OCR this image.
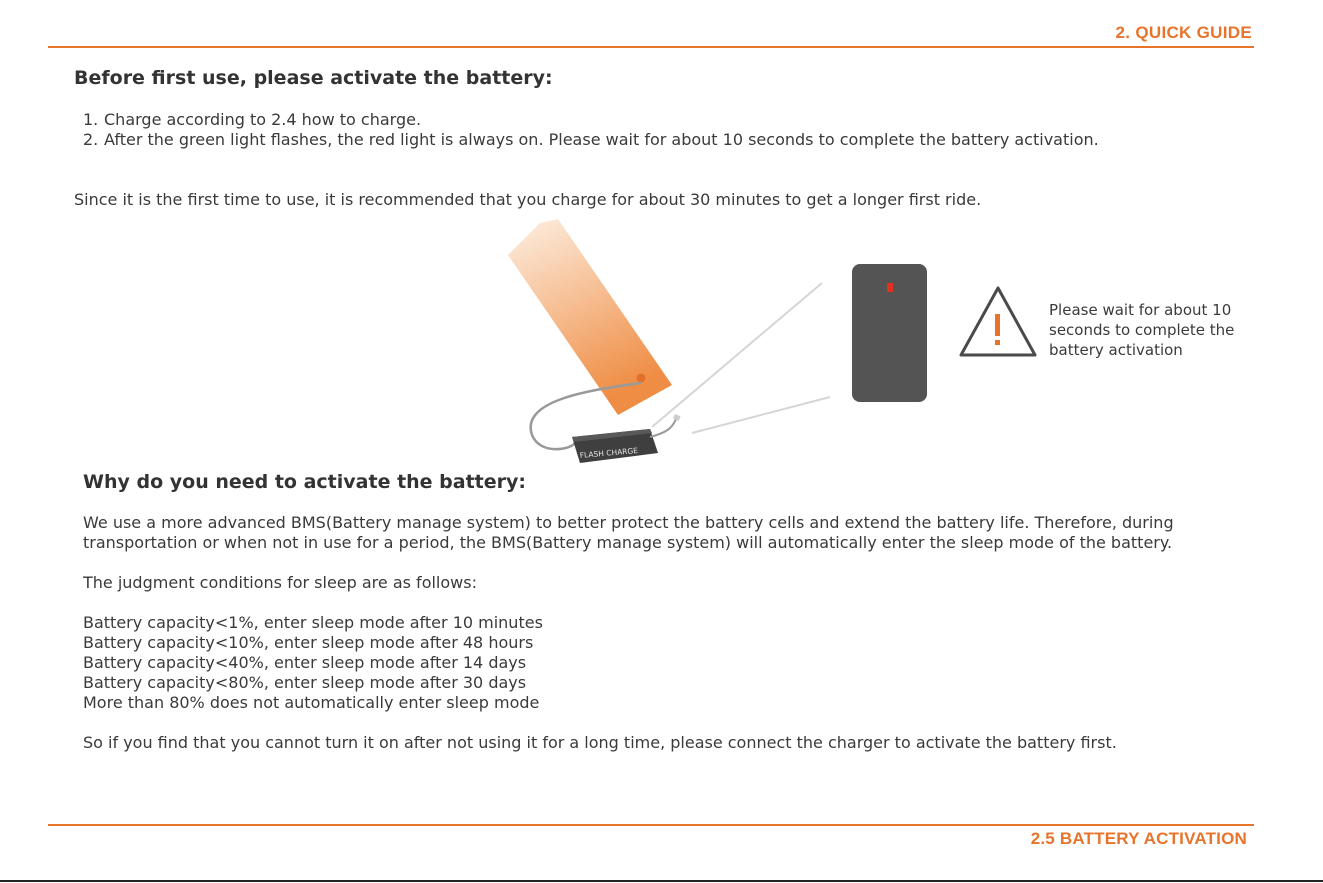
2. QUICK GUIDE
Before first use, please activate the battery:
1. Charge according to 2.4 how to charge.
2. After the green light flashes, the red light is always on. Please wait for about 10 seconds to complete the battery activation.

Since it is the first time to use, it is recommended that you charge for about 30 minutes to get a longer first ride.

FLASH CHARGE
Please wait for about 10 seconds to complete the battery activation
Why do you need to activate the battery:

We use a more advanced BMS(Battery manage system) to better protect the battery cells and extend the battery life. Therefore, during transportation or when not in use for a period, the BMS(Battery manage system) will automatically enter the sleep mode of the battery.

The judgment conditions for sleep are as follows:

Battery capacity<1%, enter sleep mode after 10 minutes

Battery capacity<10%, enter sleep mode after 48 hours

Battery capacity<40%, enter sleep mode after 14 days

Battery capacity<80%, enter sleep mode after 30 days

More than 80% does not automatically enter sleep mode

So if you find that you cannot turn it on after not using it for a long time, please connect the charger to activate the battery first.

2.5 BATTERY ACTIVATION
